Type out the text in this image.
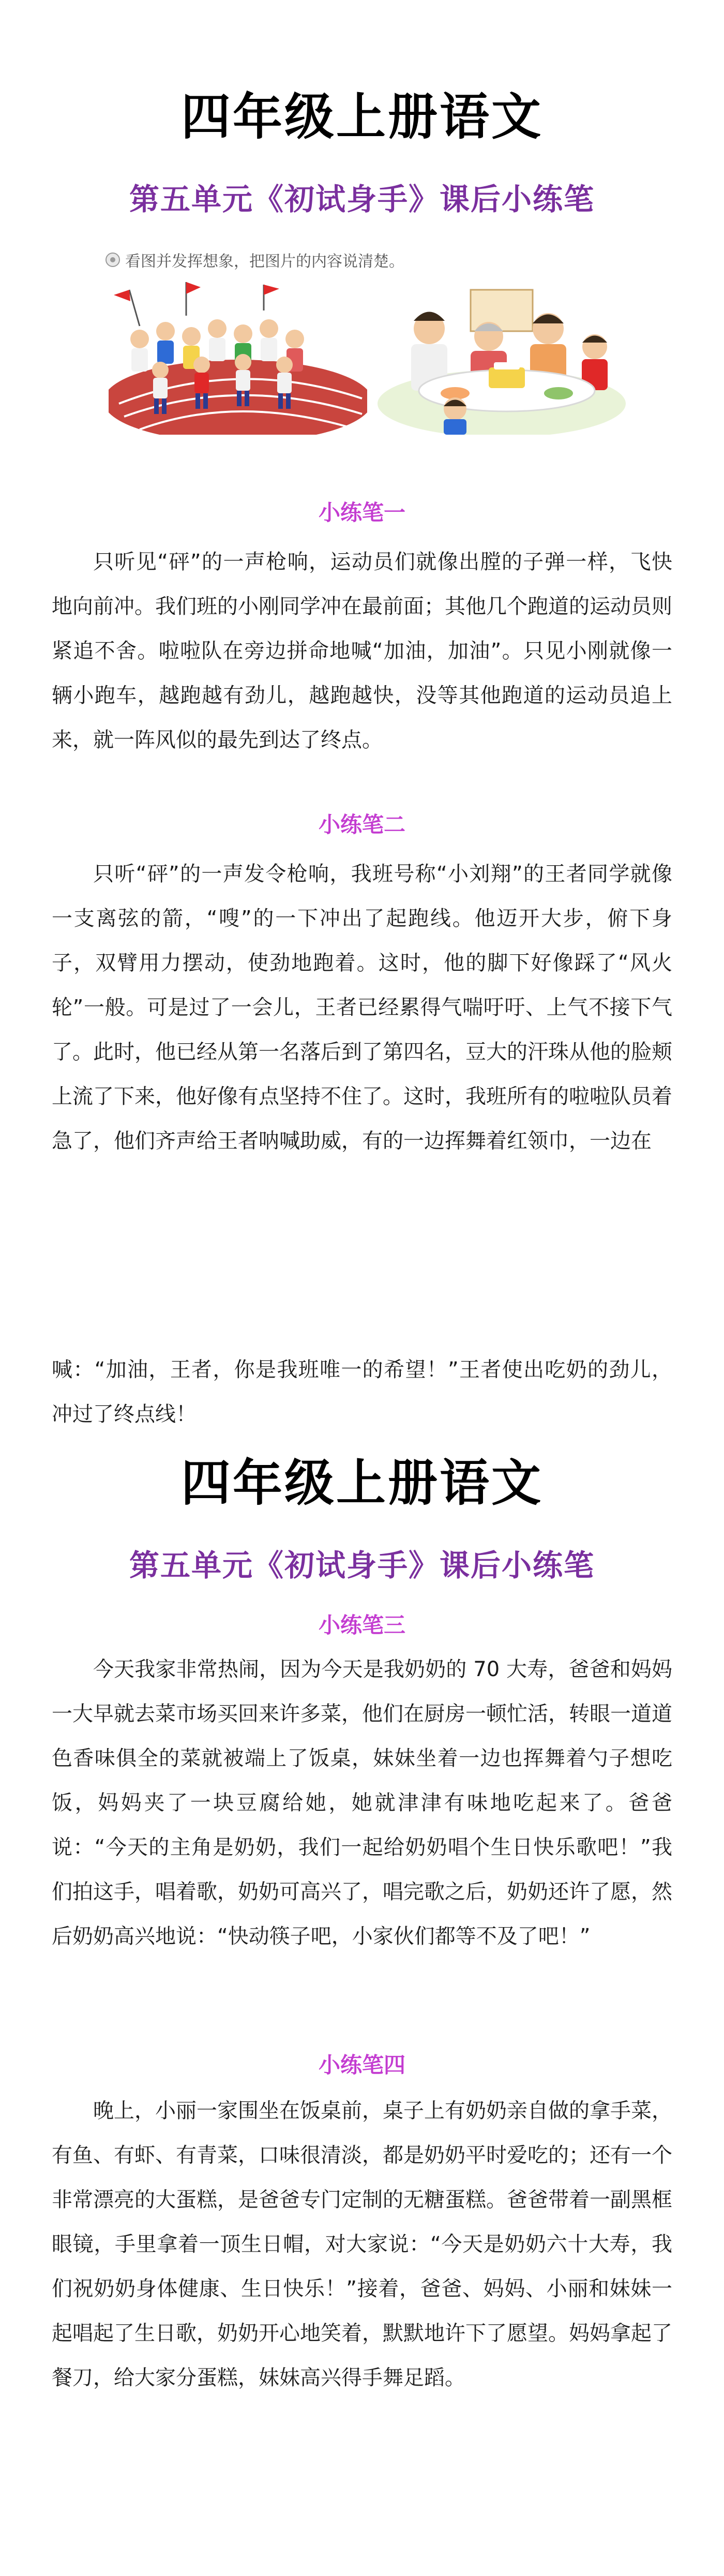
四年级上册语文
第五单元《初试身手》课后小练笔
看图并发挥想象，把图片的内容说清楚。
小练笔一
只听见“砰”的一声枪响，运动员们就像出膛的子弹一样，飞快地向前冲。我们班的小刚同学冲在最前面；其他几个跑道的运动员则紧追不舍。啦啦队在旁边拼命地喊“加油，加油”。只见小刚就像一辆小跑车，越跑越有劲儿，越跑越快，没等其他跑道的运动员追上来，就一阵风似的最先到达了终点。
小练笔二
只听“砰”的一声发令枪响，我班号称“小刘翔”的王者同学就像一支离弦的箭，“嗖”的一下冲出了起跑线。他迈开大步，俯下身子，双臂用力摆动，使劲地跑着。这时，他的脚下好像踩了“风火轮”一般。可是过了一会儿，王者已经累得气喘吁吁、上气不接下气了。此时，他已经从第一名落后到了第四名，豆大的汗珠从他的脸颊上流了下来，他好像有点坚持不住了。这时，我班所有的啦啦队员着急了，他们齐声给王者呐喊助威，有的一边挥舞着红领巾，一边在
喊：“加油，王者，你是我班唯一的希望！”王者使出吃奶的劲儿，冲过了终点线！
四年级上册语文
第五单元《初试身手》课后小练笔
小练笔三
今天我家非常热闹，因为今天是我奶奶的 70 大寿，爸爸和妈妈一大早就去菜市场买回来许多菜，他们在厨房一顿忙活，转眼一道道色香味俱全的菜就被端上了饭桌，妹妹坐着一边也挥舞着勺子想吃饭，妈妈夹了一块豆腐给她，她就津津有味地吃起来了。爸爸说：“今天的主角是奶奶，我们一起给奶奶唱个生日快乐歌吧！”我们拍这手，唱着歌，奶奶可高兴了，唱完歌之后，奶奶还许了愿，然后奶奶高兴地说：“快动筷子吧，小家伙们都等不及了吧！”
小练笔四
晚上，小丽一家围坐在饭桌前，桌子上有奶奶亲自做的拿手菜，有鱼、有虾、有青菜，口味很清淡，都是奶奶平时爱吃的；还有一个非常漂亮的大蛋糕，是爸爸专门定制的无糖蛋糕。爸爸带着一副黑框眼镜，手里拿着一顶生日帽，对大家说：“今天是奶奶六十大寿，我们祝奶奶身体健康、生日快乐！”接着，爸爸、妈妈、小丽和妹妹一起唱起了生日歌，奶奶开心地笑着，默默地许下了愿望。妈妈拿起了餐刀，给大家分蛋糕，妹妹高兴得手舞足蹈。
